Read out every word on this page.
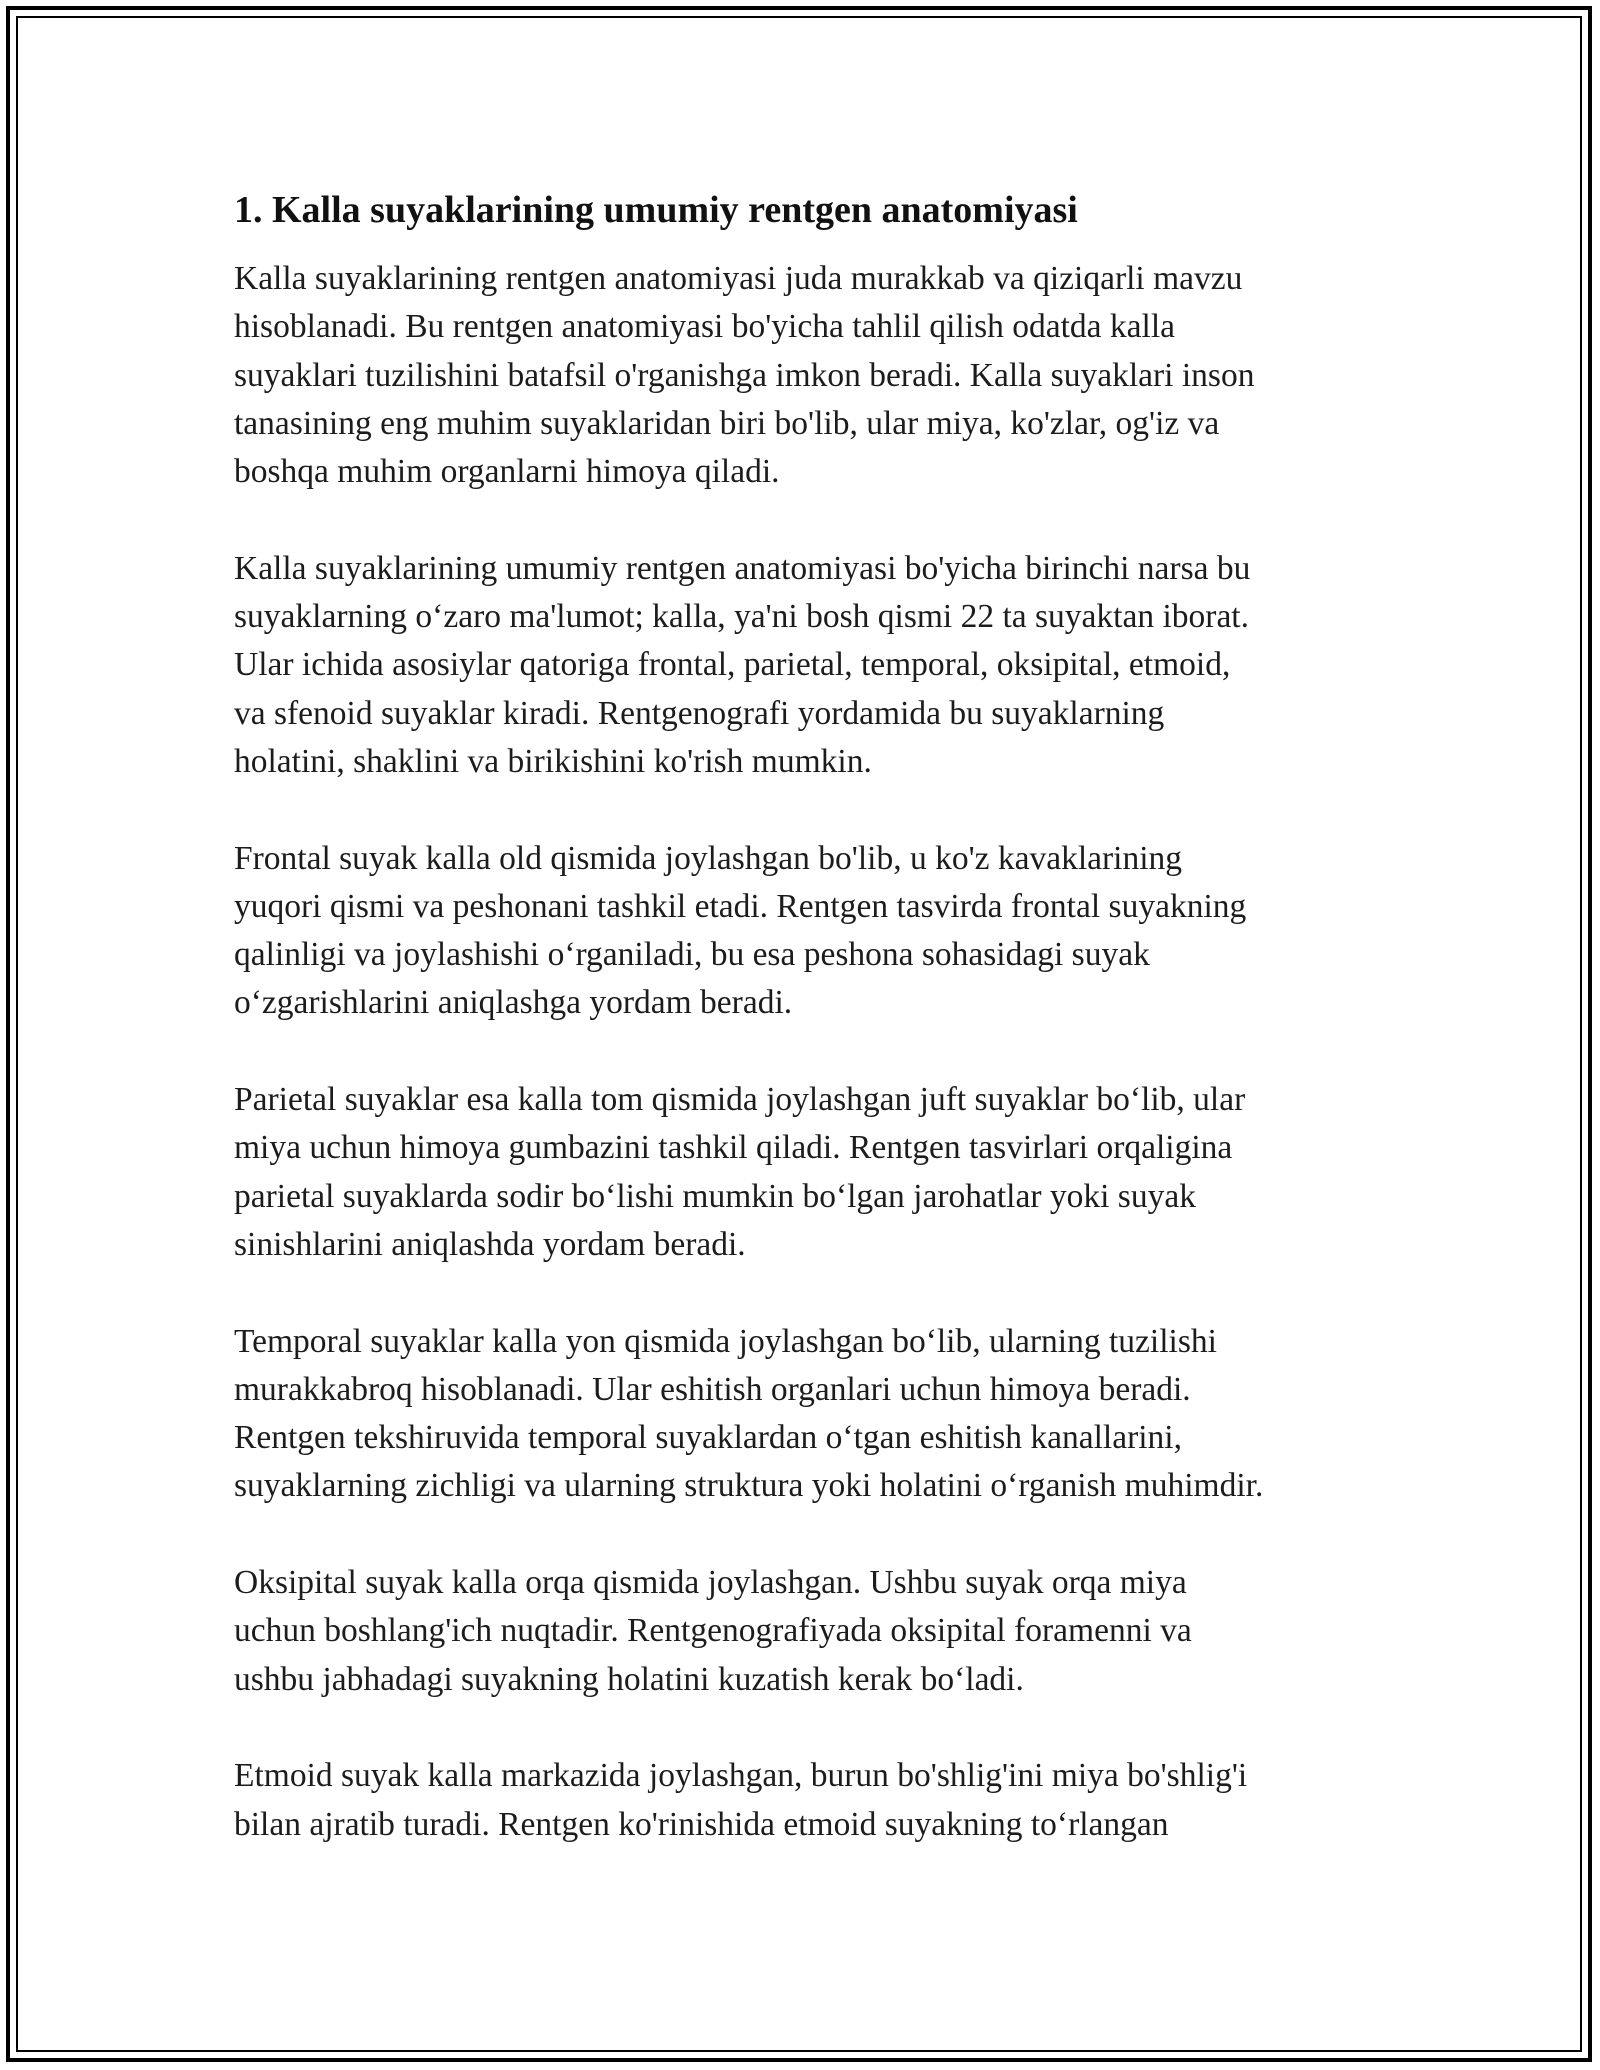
1. Kalla suyaklarining umumiy rentgen anatomiyasi

Kalla suyaklarining rentgen anatomiyasi juda murakkab va qiziqarli mavzu
hisoblanadi. Bu rentgen anatomiyasi bo'yicha tahlil qilish odatda kalla
suyaklari tuzilishini batafsil o'rganishga imkon beradi. Kalla suyaklari inson
tanasining eng muhim suyaklaridan biri bo'lib, ular miya, ko'zlar, og'iz va
boshqa muhim organlarni himoya qiladi.

Kalla suyaklarining umumiy rentgen anatomiyasi bo'yicha birinchi narsa bu
suyaklarning o‘zaro ma'lumot; kalla, ya'ni bosh qismi 22 ta suyaktan iborat.
Ular ichida asosiylar qatoriga frontal, parietal, temporal, oksipital, etmoid,
va sfenoid suyaklar kiradi. Rentgenografi yordamida bu suyaklarning
holatini, shaklini va birikishini ko'rish mumkin.

Frontal suyak kalla old qismida joylashgan bo'lib, u ko'z kavaklarining
yuqori qismi va peshonani tashkil etadi. Rentgen tasvirda frontal suyakning
qalinligi va joylashishi o‘rganiladi, bu esa peshona sohasidagi suyak
o‘zgarishlarini aniqlashga yordam beradi.

Parietal suyaklar esa kalla tom qismida joylashgan juft suyaklar bo‘lib, ular
miya uchun himoya gumbazini tashkil qiladi. Rentgen tasvirlari orqaligina
parietal suyaklarda sodir bo‘lishi mumkin bo‘lgan jarohatlar yoki suyak
sinishlarini aniqlashda yordam beradi.

Temporal suyaklar kalla yon qismida joylashgan bo‘lib, ularning tuzilishi
murakkabroq hisoblanadi. Ular eshitish organlari uchun himoya beradi.
Rentgen tekshiruvida temporal suyaklardan o‘tgan eshitish kanallarini,
suyaklarning zichligi va ularning struktura yoki holatini o‘rganish muhimdir.

Oksipital suyak kalla orqa qismida joylashgan. Ushbu suyak orqa miya
uchun boshlang'ich nuqtadir. Rentgenografiyada oksipital foramenni va
ushbu jabhadagi suyakning holatini kuzatish kerak bo‘ladi.

Etmoid suyak kalla markazida joylashgan, burun bo'shlig'ini miya bo'shlig'i
bilan ajratib turadi. Rentgen ko'rinishida etmoid suyakning to‘rlangan
